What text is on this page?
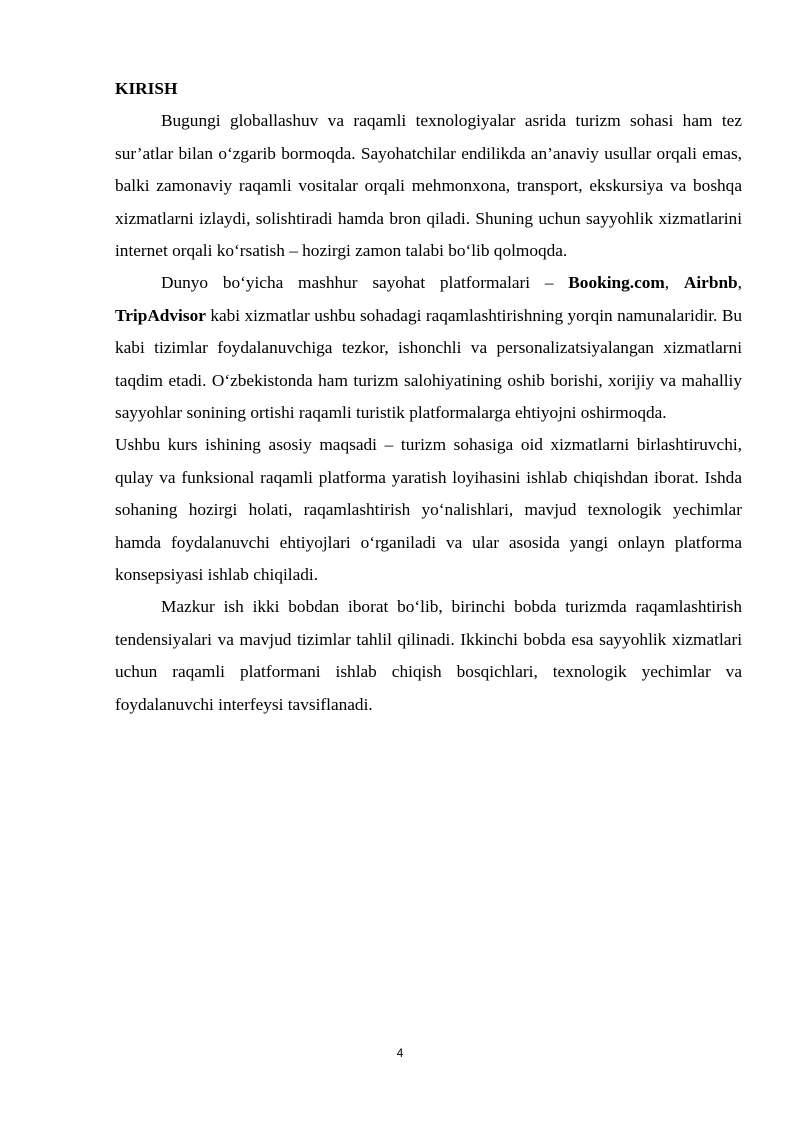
KIRISH

Bugungi globallashuv va raqamli texnologiyalar asrida turizm sohasi ham tez sur’atlar bilan o‘zgarib bormoqda. Sayohatchilar endilikda an’anaviy usullar orqali emas, balki zamonaviy raqamli vositalar orqali mehmonxona, transport, ekskursiya va boshqa xizmatlarni izlaydi, solishtiradi hamda bron qiladi. Shuning uchun sayyohlik xizmatlarini internet orqali ko‘rsatish – hozirgi zamon talabi bo‘lib qolmoqda.

Dunyo bo‘yicha mashhur sayohat platformalari – Booking.com, Airbnb, TripAdvisor kabi xizmatlar ushbu sohadagi raqamlashtirishning yorqin namunalaridir. Bu kabi tizimlar foydalanuvchiga tezkor, ishonchli va personalizatsiyalangan xizmatlarni taqdim etadi. O‘zbekistonda ham turizm salohiyatining oshib borishi, xorijiy va mahalliy sayyohlar sonining ortishi raqamli turistik platformalarga ehtiyojni oshirmoqda.

Ushbu kurs ishining asosiy maqsadi – turizm sohasiga oid xizmatlarni birlashtiruvchi, qulay va funksional raqamli platforma yaratish loyihasini ishlab chiqishdan iborat. Ishda sohaning hozirgi holati, raqamlashtirish yo‘nalishlari, mavjud texnologik yechimlar hamda foydalanuvchi ehtiyojlari o‘rganiladi va ular asosida yangi onlayn platforma konsepsiyasi ishlab chiqiladi.

Mazkur ish ikki bobdan iborat bo‘lib, birinchi bobda turizmda raqamlashtirish tendensiyalari va mavjud tizimlar tahlil qilinadi. Ikkinchi bobda esa sayyohlik xizmatlari uchun raqamli platformani ishlab chiqish bosqichlari, texnologik yechimlar va foydalanuvchi interfeysi tavsiflanadi.

4
